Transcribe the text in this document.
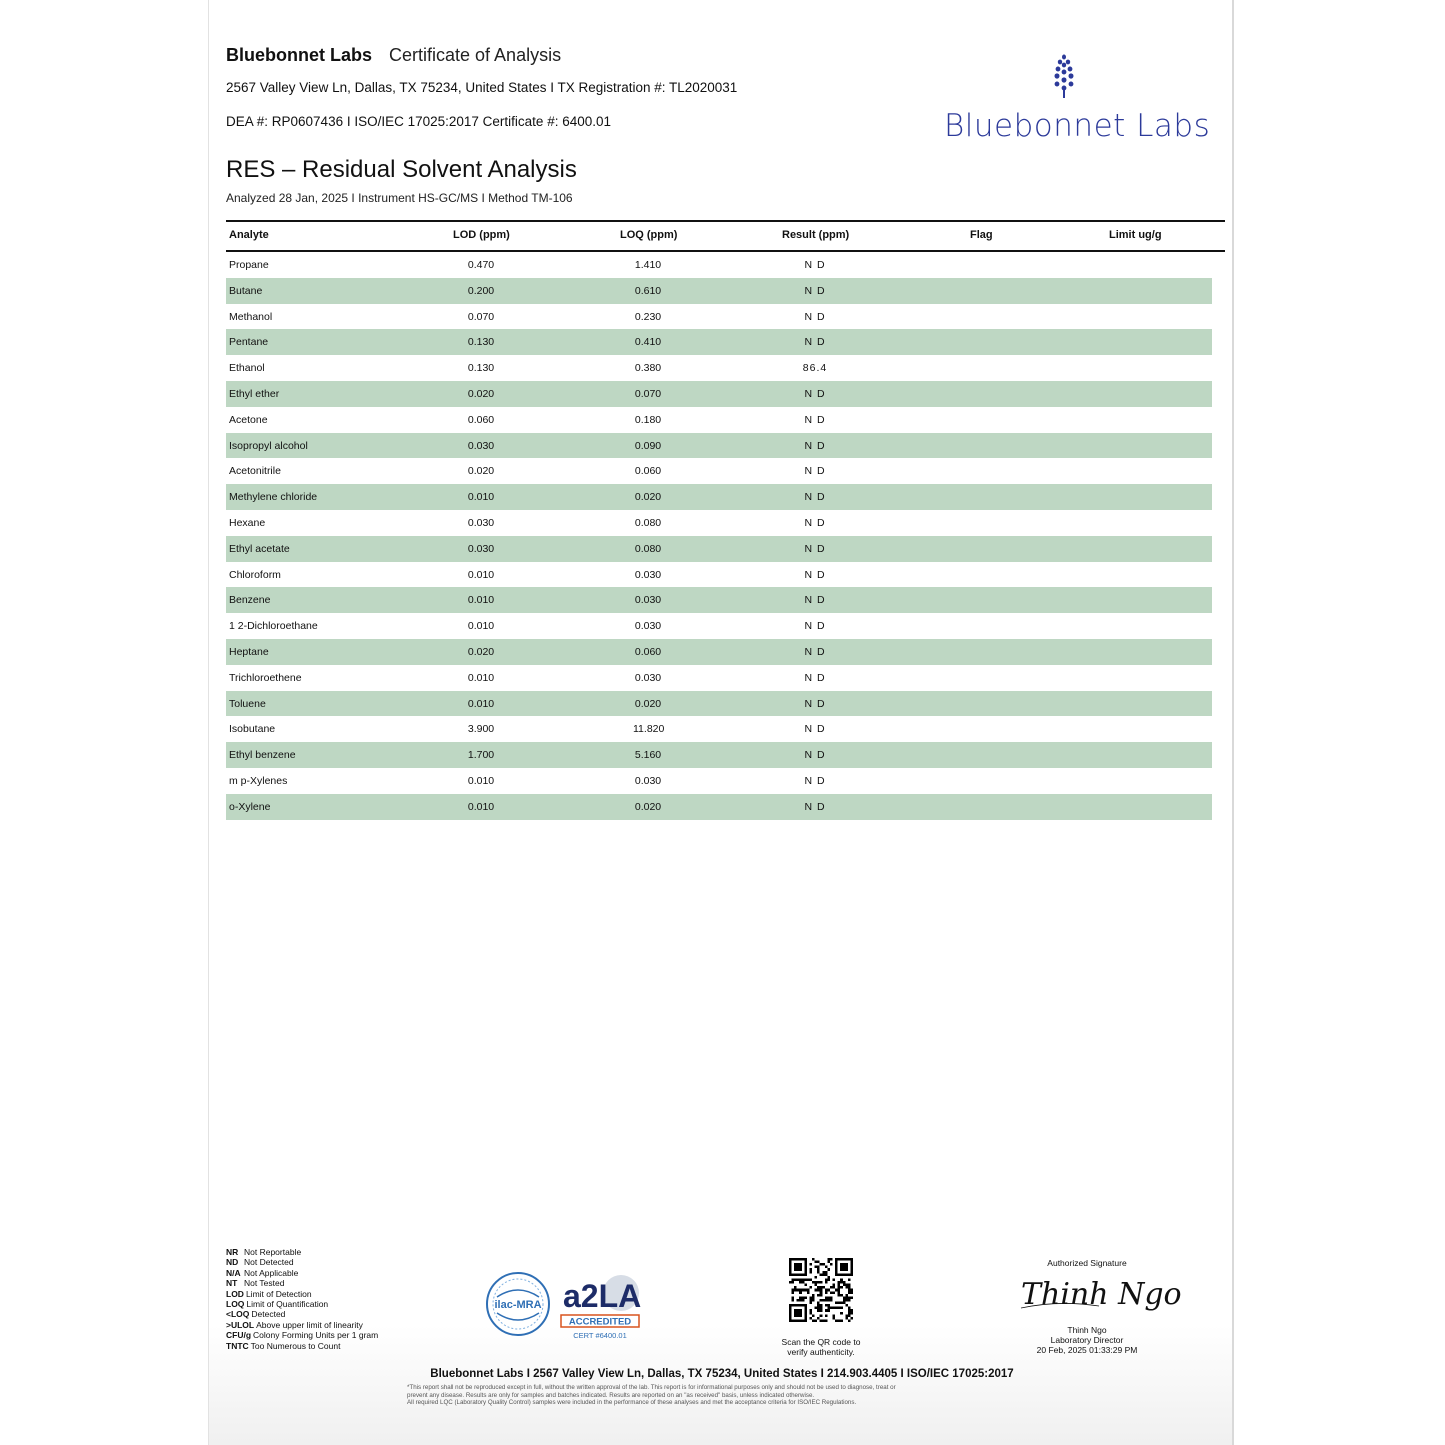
Bluebonnet Labs Certificate of Analysis
2567 Valley View Ln, Dallas, TX 75234, United States I TX Registration #: TL2020031
DEA #: RP0607436 I ISO/IEC 17025:2017 Certificate #: 6400.01	Bluebonnet Labs
RES – Residual Solvent Analysis
Analyzed 28 Jan, 2025 I Instrument HS-GC/MS I Method TM-106
Analyte	LOD (ppm)	LOQ (ppm)	Result (ppm)	Flag	Limit ug/g
Propane	0.470	1.410	N D
Butane	0.200	0.610	N D
Methanol	0.070	0.230	N D
Pentane	0.130	0.410	N D
Ethanol	0.130	0.380	86.4
Ethyl ether	0.020	0.070	N D
Acetone	0.060	0.180	N D
Isopropyl alcohol	0.030	0.090	N D
Acetonitrile	0.020	0.060	N D
Methylene chloride	0.010	0.020	N D
Hexane	0.030	0.080	N D
Ethyl acetate	0.030	0.080	N D
Chloroform	0.010	0.030	N D
Benzene	0.010	0.030	N D
1 2-Dichloroethane	0.010	0.030	N D
Heptane	0.020	0.060	N D
Trichloroethene	0.010	0.030	N D
Toluene	0.010	0.020	N D
Isobutane	3.900	11.820	N D
Ethyl benzene	1.700	5.160	N D
m p-Xylenes	0.010	0.030	N D
o-Xylene	0.010	0.020	N D
NR Not Reportable
ND Not Detected
N/A Not Applicable
NT Not Tested
LOD Limit of Detection
LOQ Limit of Quantification
<LOQ Detected
>ULOL Above upper limit of linearity
CFU/g Colony Forming Units per 1 gram
TNTC Too Numerous to Count
ilac-MRA a2LA
ACCREDITED
CERT #6400.01
Scan the QR code to
verify authenticity.
Authorized Signature
Thinh Ngo
Thinh Ngo
Laboratory Director
20 Feb, 2025 01:33:29 PM
Bluebonnet Labs I 2567 Valley View Ln, Dallas, TX 75234, United States I 214.903.4405 I ISO/IEC 17025:2017
*This report shall not be reproduced except in full, without the written approval of the lab. This report is for informational purposes only and should not be used to diagnose, treat or
prevent any disease. Results are only for samples and batches indicated. Results are reported on an "as received" basis, unless indicated otherwise.
All required LQC (Laboratory Quality Control) samples were included in the performance of these analyses and met the acceptance criteria for ISO/IEC Regulations.
